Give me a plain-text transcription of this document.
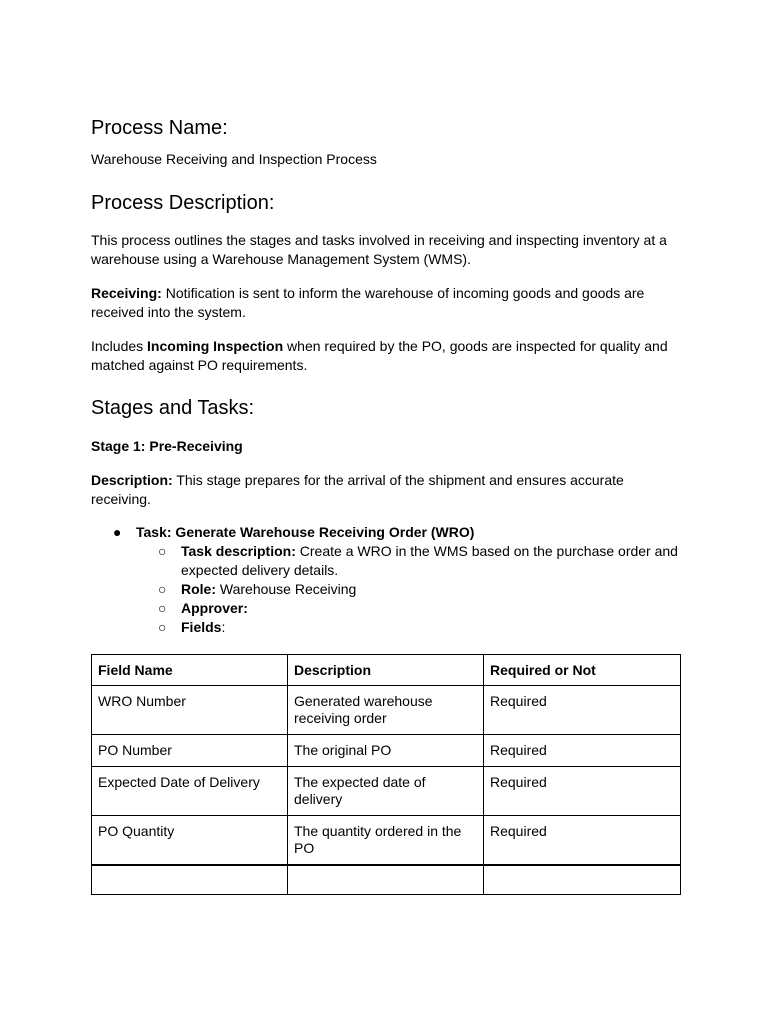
Process Name:

Warehouse Receiving and Inspection Process

Process Description:

This process outlines the stages and tasks involved in receiving and inspecting inventory at a warehouse using a Warehouse Management System (WMS).

Receiving: Notification is sent to inform the warehouse of incoming goods and goods are received into the system.

Includes Incoming Inspection when required by the PO, goods are inspected for quality and matched against PO requirements.

Stages and Tasks:

Stage 1: Pre-Receiving

Description: This stage prepares for the arrival of the shipment and ensures accurate receiving.

● Task: Generate Warehouse Receiving Order (WRO)
○ Task description: Create a WRO in the WMS based on the purchase order and expected delivery details.
○ Role: Warehouse Receiving
○ Approver:
○ Fields:
Field Name	Description	Required or Not
WRO Number	Generated warehouse receiving order	Required
PO Number	The original PO	Required
Expected Date of Delivery	The expected date of delivery	Required
PO Quantity	The quantity ordered in the PO	Required
